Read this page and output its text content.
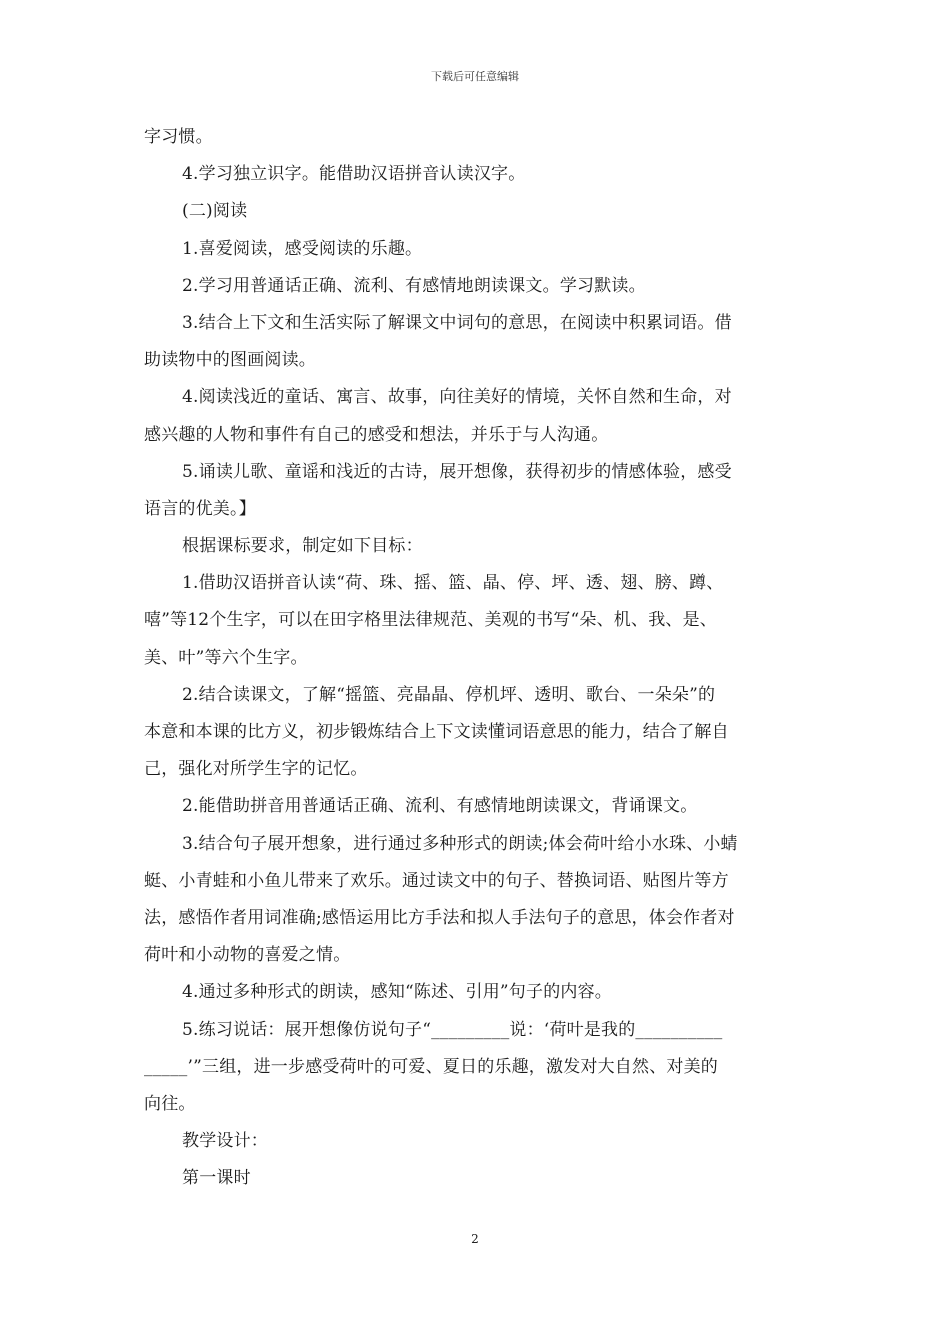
下载后可任意编辑
字习惯。
4.学习独立识字。能借助汉语拼音认读汉字。
(二)阅读
1.喜爱阅读，感受阅读的乐趣。
2.学习用普通话正确、流利、有感情地朗读课文。学习默读。
3.结合上下文和生活实际了解课文中词句的意思，在阅读中积累词语。借
助读物中的图画阅读。
4.阅读浅近的童话、寓言、故事，向往美好的情境，关怀自然和生命，对
感兴趣的人物和事件有自己的感受和想法，并乐于与人沟通。
5.诵读儿歌、童谣和浅近的古诗，展开想像，获得初步的情感体验，感受
语言的优美。】
根据课标要求，制定如下目标：
1.借助汉语拼音认读“荷、珠、摇、篮、晶、停、坪、透、翅、膀、蹲、
嘻”等12个生字，可以在田字格里法律规范、美观的书写“朵、机、我、是、
美、叶”等六个生字。
2.结合读课文，了解“摇篮、亮晶晶、停机坪、透明、歌台、一朵朵”的
本意和本课的比方义，初步锻炼结合上下文读懂词语意思的能力，结合了解自
己，强化对所学生字的记忆。
2.能借助拼音用普通话正确、流利、有感情地朗读课文，背诵课文。
3.结合句子展开想象，进行通过多种形式的朗读;体会荷叶给小水珠、小蜻
蜓、小青蛙和小鱼儿带来了欢乐。通过读文中的句子、替换词语、贴图片等方
法，感悟作者用词准确;感悟运用比方手法和拟人手法句子的意思，体会作者对
荷叶和小动物的喜爱之情。
4.通过多种形式的朗读，感知“陈述、引用”句子的内容。
5.练习说话：展开想像仿说句子“_________说：‘荷叶是我的__________
_____’”三组，进一步感受荷叶的可爱、夏日的乐趣，激发对大自然、对美的
向往。
教学设计：
第一课时
2
